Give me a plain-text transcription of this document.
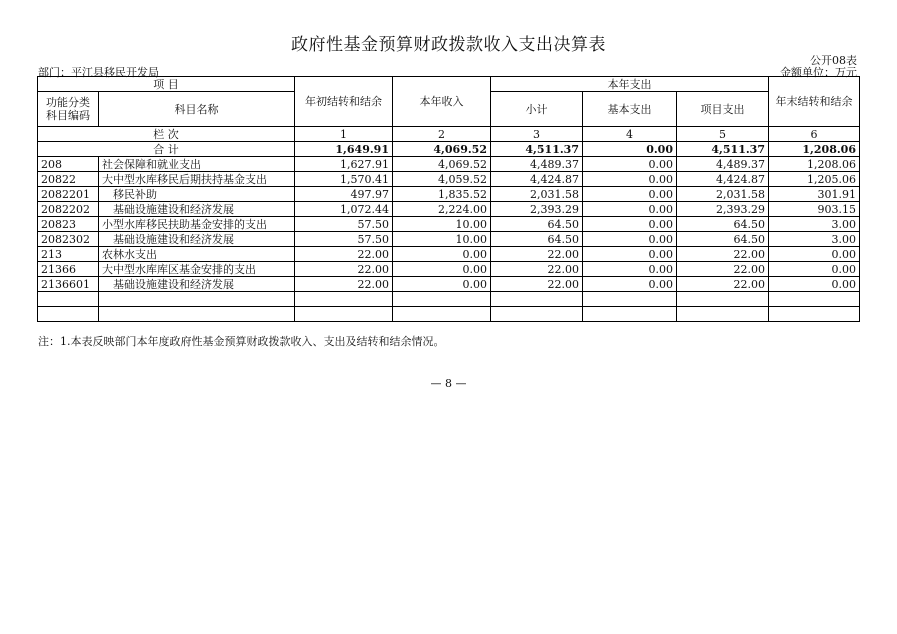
政府性基金预算财政拨款收入支出决算表
公开08表
部门：平江县移民开发局	金额单位：万元
项 目		年初结转和结余	本年收入	本年支出			年末结转和结余
功能分类
科目编码	科目名称			小计	基本支出	项目支出	
栏 次		1	2	3	4	5	6
合 计		1,649.91	4,069.52	4,511.37	0.00	4,511.37	1,208.06
208	社会保障和就业支出	1,627.91	4,069.52	4,489.37	0.00	4,489.37	1,208.06
20822	大中型水库移民后期扶持基金支出	1,570.41	4,059.52	4,424.87	0.00	4,424.87	1,205.06
2082201	移民补助	497.97	1,835.52	2,031.58	0.00	2,031.58	301.91
2082202	基础设施建设和经济发展	1,072.44	2,224.00	2,393.29	0.00	2,393.29	903.15
20823	小型水库移民扶助基金安排的支出	57.50	10.00	64.50	0.00	64.50	3.00
2082302	基础设施建设和经济发展	57.50	10.00	64.50	0.00	64.50	3.00
213	农林水支出	22.00	0.00	22.00	0.00	22.00	0.00
21366	大中型水库库区基金安排的支出	22.00	0.00	22.00	0.00	22.00	0.00
2136601	基础设施建设和经济发展	22.00	0.00	22.00	0.00	22.00	0.00

注：1.本表反映部门本年度政府性基金预算财政拨款收入、支出及结转和结余情况。
— 8 —
